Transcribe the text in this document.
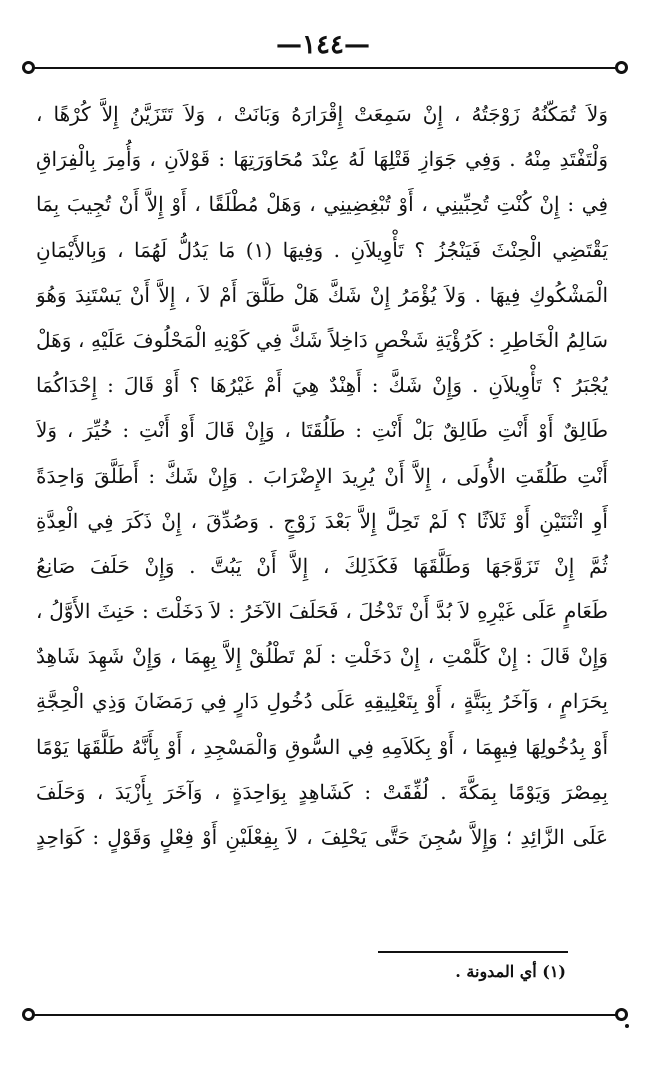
—١٤٤—
وَلاَ تُمَكّنُهُ زَوْجَتُهُ ، إِنْ سَمِعَتْ إِقْرَارَهُ وَبَانَتْ ، وَلاَ تَتَزَيَّنُ إِلاَّ كُرْهًا ،
وَلْتَفْتَدِ مِنْهُ . وَفِي جَوَازِ قَتْلِهَا لَهُ عِنْدَ مُحَاوَرَتِهَا : قَوْلاَنِ ، وَأُمِرَ بِالْفِرَاقِ
فِي : إِنْ كُنْتِ تُحِبِّينِي ، أَوْ تُبْغِضِينِي ، وَهَلْ مُطْلَقًا ، أَوْ إِلاَّ أَنْ تُجِيبَ بِمَا
يَقْتَضِي الْحِنْثَ فَيَنْجُزُ ؟ تَأْوِيلاَنِ . وَفِيهَا (١) مَا يَدُلُّ لَهُمَا ، وَبِالأَيْمَانِ
الْمَشْكُوكِ فِيهَا . وَلاَ يُؤْمَرُ إِنْ شَكَّ هَلْ طَلَّقَ أَمْ لاَ ، إِلاَّ أَنْ يَسْتَنِدَ وَهُوَ
سَالِمُ الْخَاطِرِ : كَرُؤْيَةِ شَخْصٍ دَاخِلاً شَكَّ فِي كَوْنِهِ الْمَحْلُوفَ عَلَيْهِ ، وَهَلْ
يُجْبَرُ ؟ تَأْوِيلاَنِ . وَإِنْ شَكَّ : أَهِنْدٌ هِيَ أَمْ غَيْرُهَا ؟ أَوْ قَالَ : إِحْدَاكُمَا
طَالِقٌ أَوْ أَنْتِ طَالِقٌ بَلْ أَنْتِ : طَلُقَتَا ، وَإِنْ قَالَ أَوْ أَنْتِ : خُيِّرَ ، وَلاَ
أَنْتِ طَلُقَتِ الأُولَى ، إِلاَّ أَنْ يُرِيدَ الإِضْرَابَ . وَإِنْ شَكَّ : أَطَلَّقَ وَاحِدَةً
أَوِ اثْنَتَيْنِ أَوْ ثَلاَثًا ؟ لَمْ تَحِلَّ إِلاَّ بَعْدَ زَوْجٍ . وَصُدِّقَ ، إِنْ ذَكَرَ فِي الْعِدَّةِ
ثُمَّ إِنْ تَزَوَّجَهَا وَطَلَّقَهَا فَكَذَلِكَ ، إِلاَّ أَنْ يَبُتَّ . وَإِنْ حَلَفَ صَانِعُ
طَعَامٍ عَلَى غَيْرِهِ لاَ بُدَّ أَنْ تَدْخُلَ ، فَحَلَفَ الآخَرُ : لاَ دَخَلْتَ : حَنِثَ الأَوَّلُ ،
وَإِنْ قَالَ : إِنْ كَلَّمْتِ ، إِنْ دَخَلْتِ : لَمْ تَطْلُقْ إِلاَّ بِهِمَا ، وَإِنْ شَهِدَ شَاهِدٌ
بِحَرَامٍ ، وَآخَرُ بِبَتَّةٍ ، أَوْ بِتَعْلِيقِهِ عَلَى دُخُولِ دَارٍ فِي رَمَضَانَ وَذِي الْحِجَّةِ
أَوْ بِدُخُولِهَا فِيهِمَا ، أَوْ بِكَلاَمِهِ فِي السُّوقِ وَالْمَسْجِدِ ، أَوْ بِأَنَّهُ طَلَّقَهَا يَوْمًا
بِمِصْرَ وَيَوْمًا بِمَكَّةَ . لُفِّقَتْ : كَشَاهِدٍ بِوَاحِدَةٍ ، وَآخَرَ بِأَزْيَدَ ، وَحَلَفَ
عَلَى الزَّائِدِ ؛ وَإِلاَّ سُجِنَ حَتَّى يَحْلِفَ ، لاَ بِفِعْلَيْنِ أَوْ فِعْلٍ وَقَوْلٍ : كَوَاحِدٍ
(١) أي المدونة .
